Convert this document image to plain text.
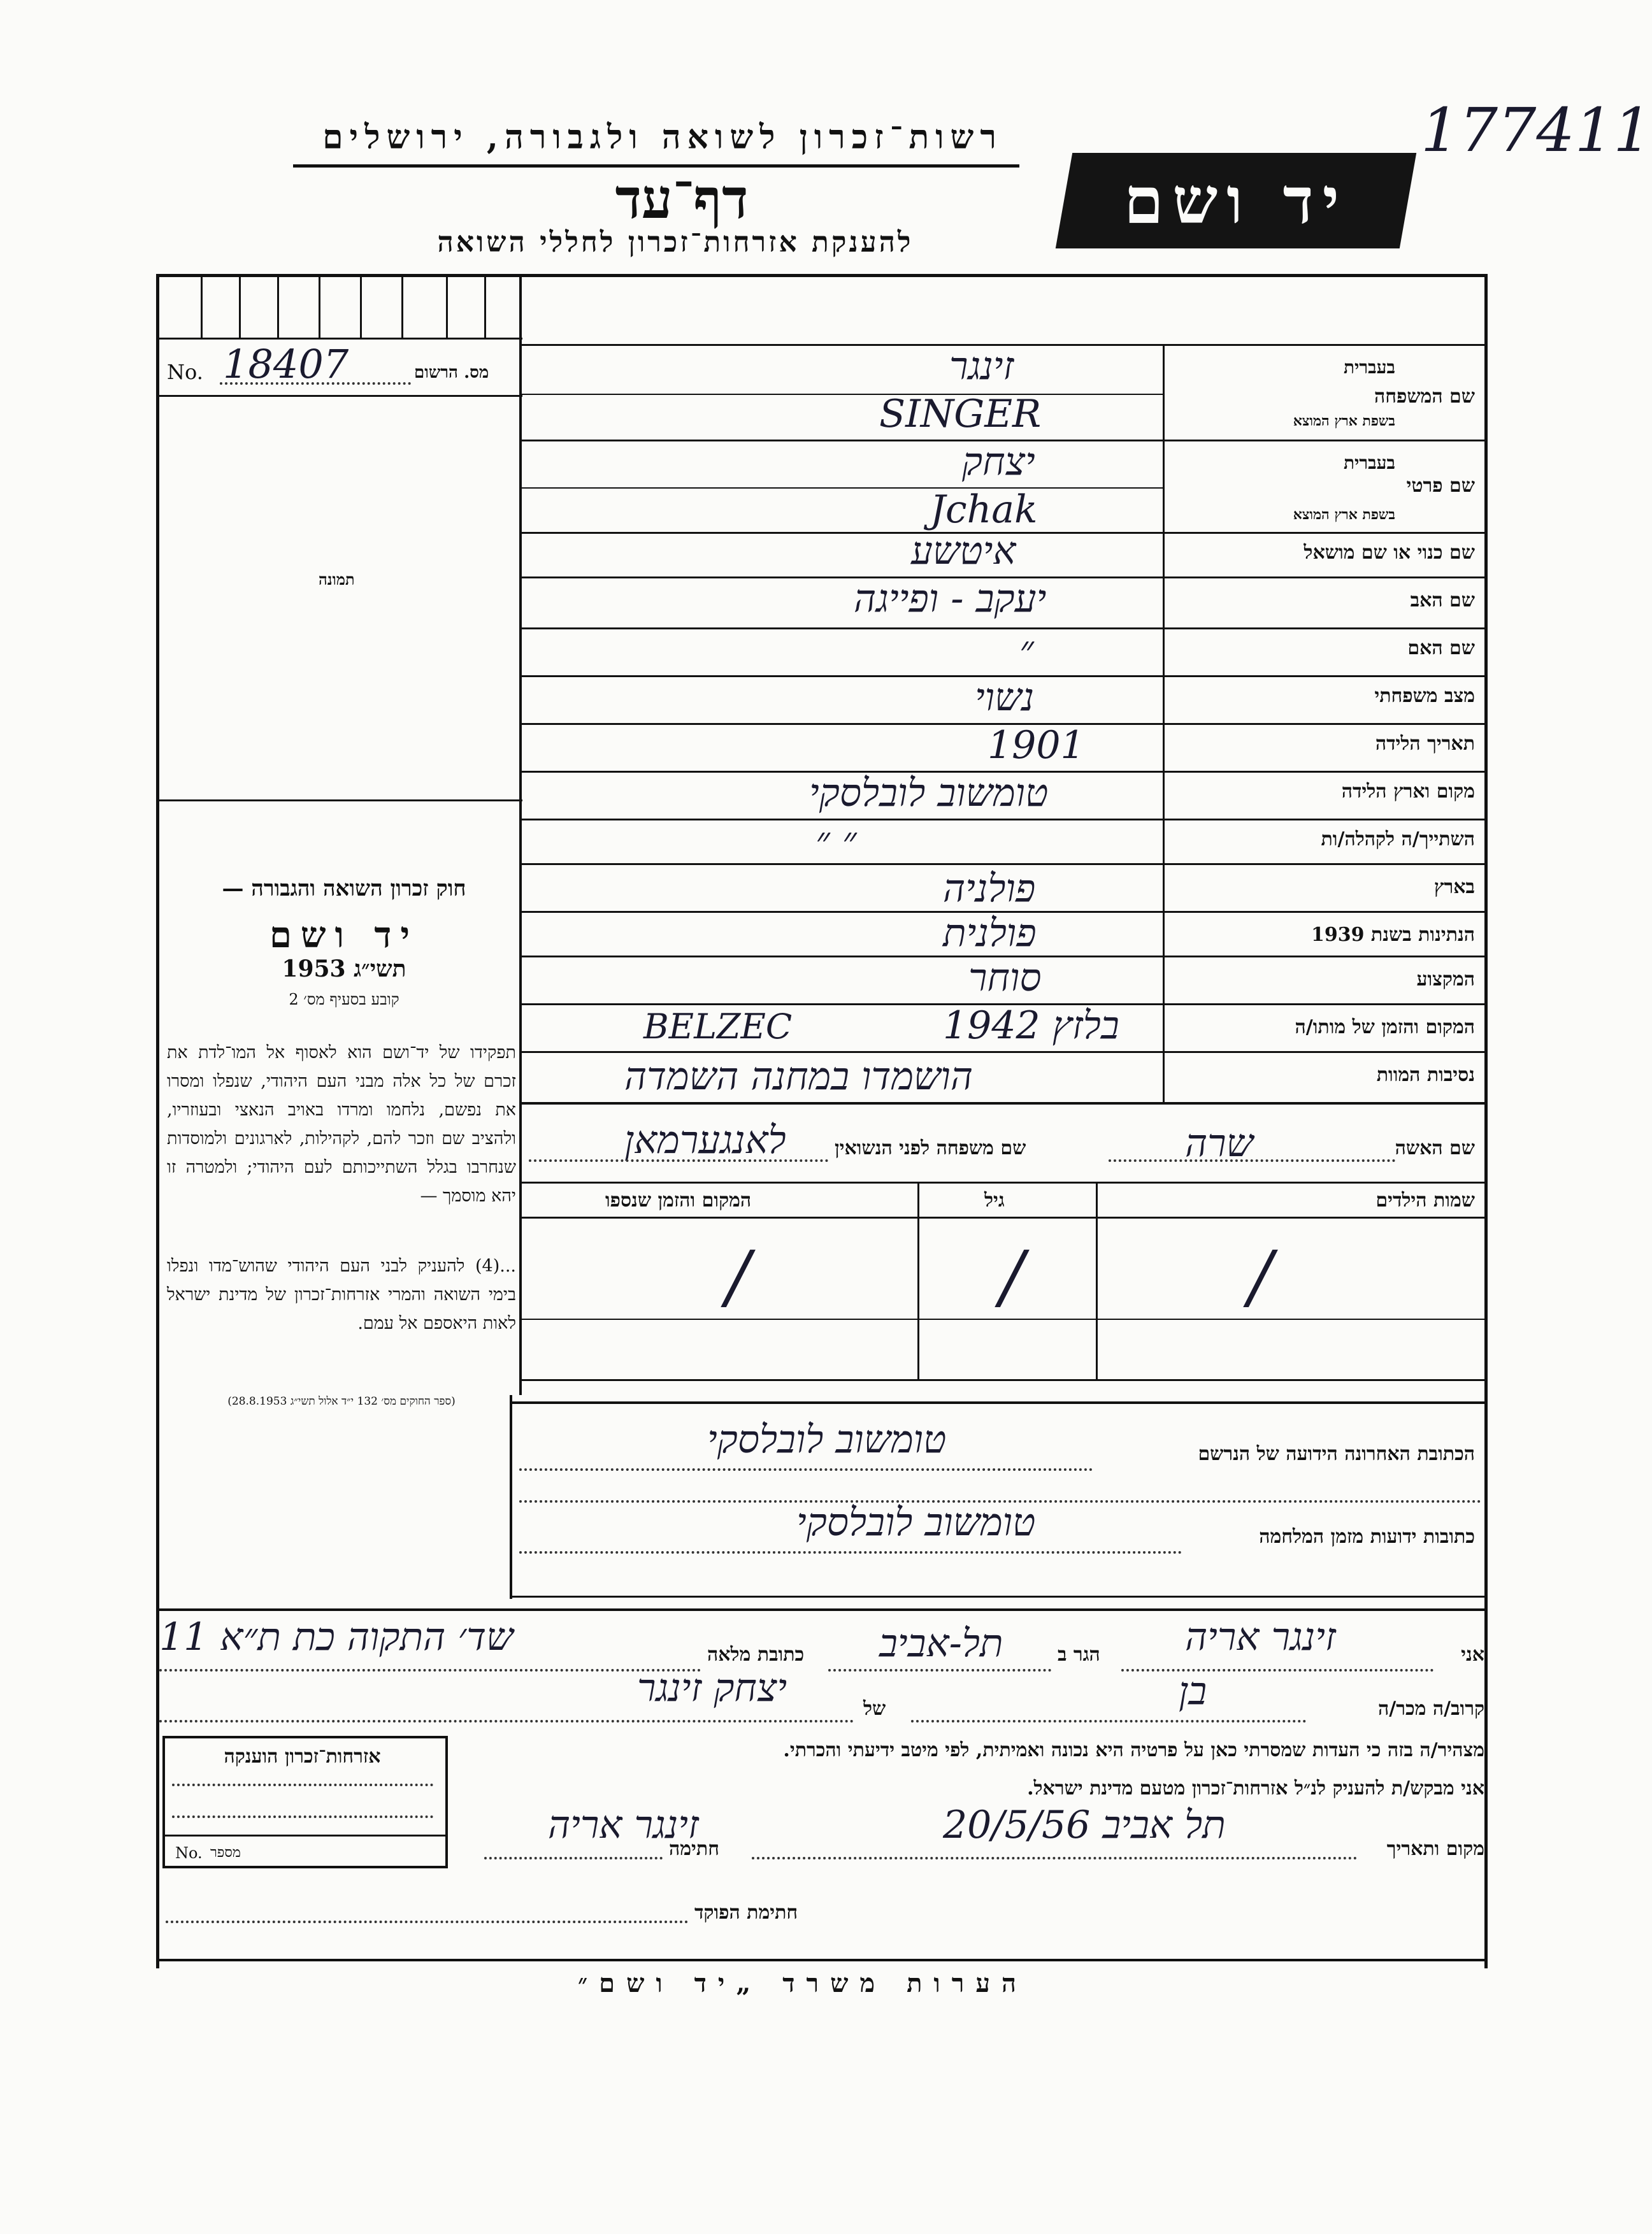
177411
רשות־זכרון לשואה ולגבורה, ירושלים
דף־עד
להענקת אזרחות־זכרון לחללי השואה
יד ושם
No. 18407	מס. הרשום
תמונה
שם המשפחה
בעברית
בשפת ארץ המוצא
זינגר
SINGER
שם פרטי
בעברית
בשפת ארץ המוצא
יצחק
Jchak
שם כנוי או שם מושאל
איטשע
שם האב
יעקב - ופייגה
שם האם
״
מצב משפחתי
נשוי
תאריך הלידה
1901
מקום וארץ הלידה
טומשוב לובלסקי
השתייך/ה לקהלה/ות
״ ״
בארץ
פולניה
הנתינות בשנת 1939
פולנית
המקצוע
סוחר
המקום והזמן של מותו/ה
בלזץ 1942
BELZEC
נסיבות המוות
הושמדו במחנה השמדה
שם האשה
שרה
שם משפחה לפני הנשואין
לאנגערמאן
שמות הילדים
גיל
המקום והזמן שנספו
/
/
/
הכתובת האחרונה הידועה של הנרשם
טומשוב לובלסקי
כתובות ידועות מזמן המלחמה
טומשוב לובלסקי
חוק זכרון השואה והגבורה —
יד ושם
תשי״ג 1953
קובע בסעיף מס׳ 2
תפקידו של יד־ושם הוא לאסוף אל המו־לדת את זכרם של כל אלה מבני העם היהודי, שנפלו ומסרו את נפשם, נלחמו ומרדו באויב הנאצי ובעוזריו, ולהציב שם וזכר להם, לקהילות, לארגונים ולמוסדות שנחרבו בגלל השתייכותם לעם היהודי; ולמטרה זו יהא מוסמך —
...(4) להעניק לבני העם היהודי שהוש־מדו ונפלו בימי השואה והמרי אזרחות־זכרון של מדינת ישראל לאות היאספם אל עמם.
(ספר החוקים מס׳ 132 י״ד אלול תשי״ג 28.8.1953)
אני
זינגר אריה
הגר ב
תל-אביב
כתובת מלאה
שד׳ התקוה כת ת״א 11
קרוב/ה מכר/ה
בן
של
יצחק זינגר
מצהיר/ה בזה כי העדות שמסרתי כאן על פרטיה היא נכונה ואמיתית, לפי מיטב ידיעתי והכרתי.
אני מבקש/ת להעניק לנ״ל אזרחות־זכרון מטעם מדינת ישראל.
מקום ותאריך
תל אביב 20/5/56
חתימה
זינגר אריה
חתימת הפוקד
אזרחות־זכרון הוענקה
No. מספר
הערות משרד „יד ושם״
